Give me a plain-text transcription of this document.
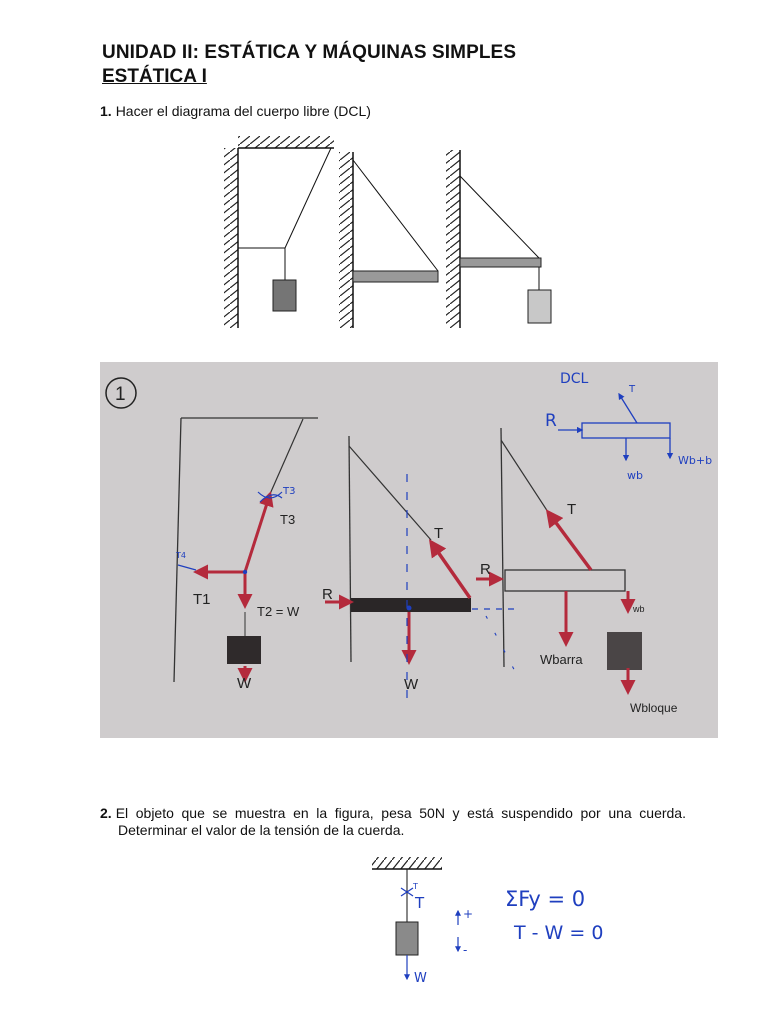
UNIDAD II: ESTÁTICA Y MÁQUINAS SIMPLES
ESTÁTICA I
1. Hacer el diagrama del cuerpo libre (DCL)
1
T3
T3
T4
T1
T2 = W
W
R
T
W
R
T
Wbarra
wb
Wbloque
DCL
T
R
wb
Wb+b
2. El objeto que se muestra en la figura, pesa 50N y está suspendido por una cuerda. Determinar el valor de la tensión de la cuerda.
T
T
W
+
-
ΣFy = 0
T - W = 0
